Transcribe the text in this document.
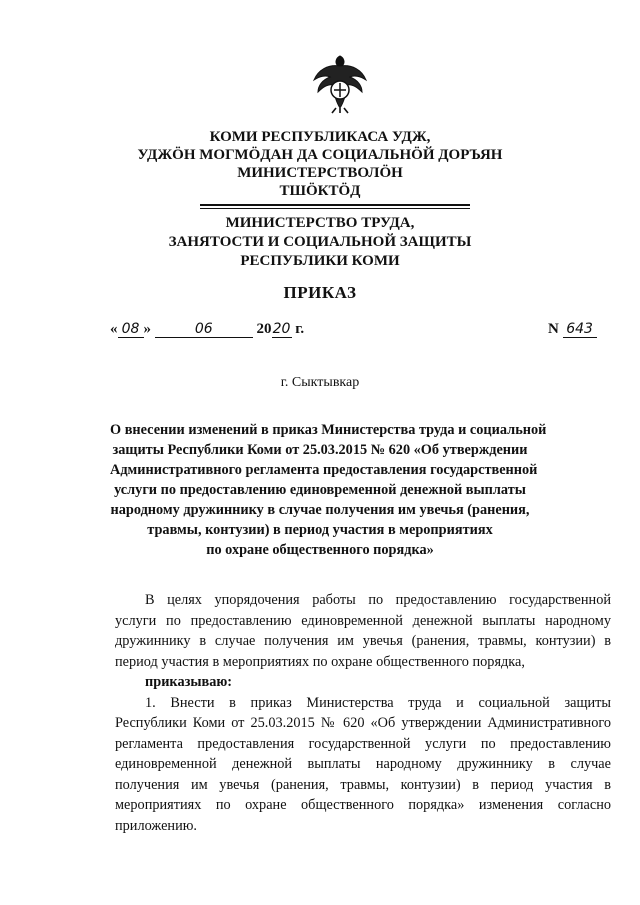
КОМИ РЕСПУБЛИКАСА УДЖ,
УДЖӦН МОГМӦДАН ДА СОЦИАЛЬНӦЙ ДОРЪЯН
МИНИСТЕРСТВОЛӦН
ТШӦКТӦД
МИНИСТЕРСТВО ТРУДА,
ЗАНЯТОСТИ И СОЦИАЛЬНОЙ ЗАЩИТЫ
РЕСПУБЛИКИ КОМИ
ПРИКАЗ
« 08 »	06	2020 г.	N 643
г. Сыктывкар
О внесении изменений в приказ Министерства труда и социальной
защиты Республики Коми от 25.03.2015 № 620 «Об утверждении
Административного регламента предоставления государственной
услуги по предоставлению единовременной денежной выплаты
народному дружиннику в случае получения им увечья (ранения,
травмы, контузии) в период участия в мероприятиях
по охране общественного порядка»
В целях упорядочения работы по предоставлению государственной
услуги по предоставлению единовременной денежной выплаты народному
дружиннику в случае получения им увечья (ранения, травмы, контузии) в
период участия в мероприятиях по охране общественного порядка,
приказываю:
1. Внести в приказ Министерства труда и социальной защиты
Республики Коми от 25.03.2015 № 620 «Об утверждении Административного
регламента предоставления государственной услуги по предоставлению
единовременной денежной выплаты народному дружиннику в случае
получения им увечья (ранения, травмы, контузии) в период участия в
мероприятиях по охране общественного порядка» изменения согласно
приложению.
